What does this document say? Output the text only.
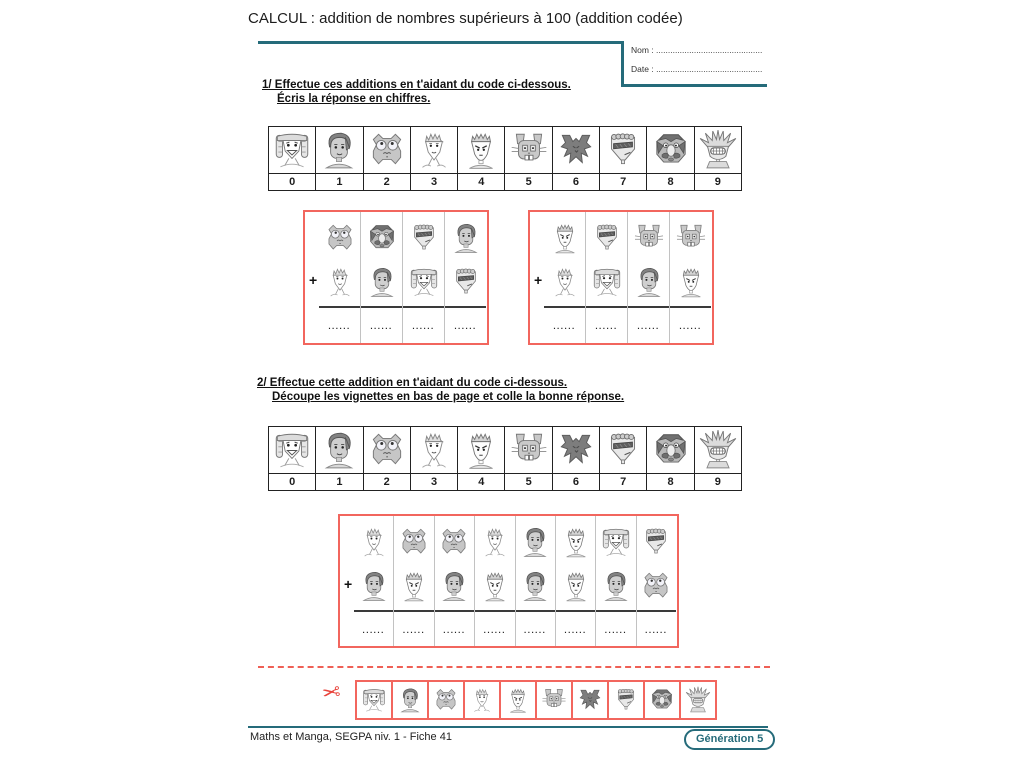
CALCUL : addition de nombres supérieurs à 100 (addition codée)
Nom : .............................................
Date : .............................................
1/ Effectue ces additions en t'aidant du code ci-dessous.
Écris la réponse en chiffres.
0	1	2	3	4	5	6	7	8	9
+
......	......	......	......
+
......	......	......	......
2/ Effectue cette addition en t'aidant du code ci-dessous.
Découpe les vignettes en bas de page et colle la bonne réponse.
0	1	2	3	4	5	6	7	8	9
+
......	......	......	......	......	......	......	......
✂
Maths et Manga, SEGPA niv. 1 - Fiche 41	Génération 5
